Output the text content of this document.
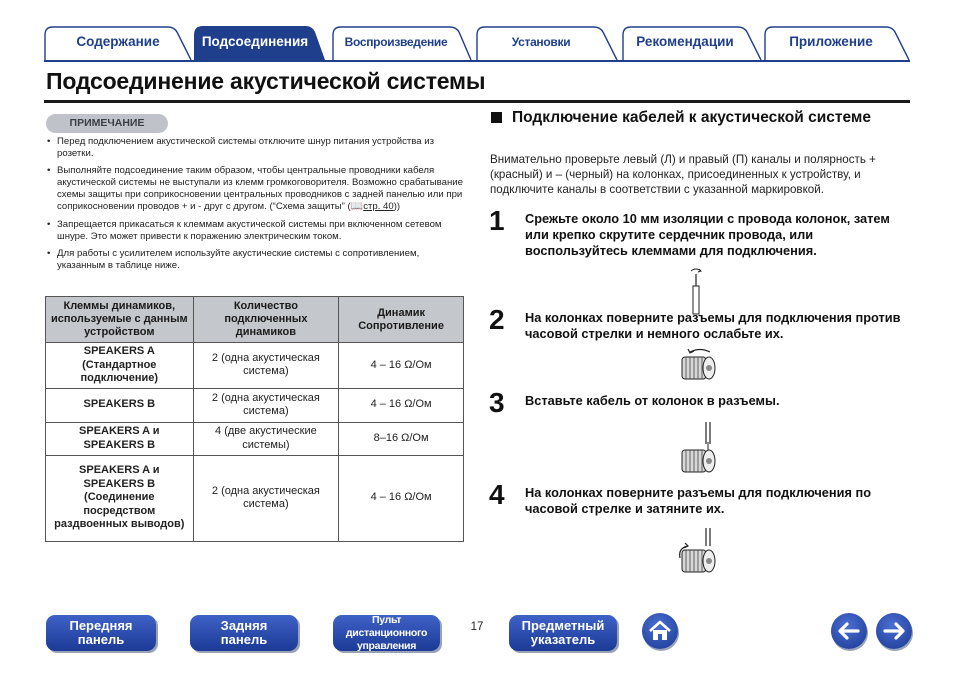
Содержание	Подсоединения	Воспроизведение	Установки	Рекомендации	Приложение
Подсоединение акустической системы
ПРИМЕЧАНИЕ
• Перед подключением акустической системы отключите шнур питания устройства из розетки.
• Выполняйте подсоединение таким образом, чтобы центральные проводники кабеля акустической системы не выступали из клемм громкоговорителя. Возможно срабатывание схемы защиты при соприкосновении центральных проводников с задней панелью или при соприкосновении проводов + и - друг с другом. (“Схема защиты” (📖стр. 40))
• Запрещается прикасаться к клеммам акустической системы при включенном сетевом шнуре. Это может привести к поражению электрическим током.
• Для работы с усилителем используйте акустические системы с сопротивлением, указанным в таблице ниже.
Клеммы динамиков, используемые с данным устройством	Количество подключенных динамиков	Динамик Сопротивление
SPEAKERS A (Стандартное подключение)	2 (одна акустическая система)	4 – 16 Ω/Ом
SPEAKERS B	2 (одна акустическая система)	4 – 16 Ω/Ом
SPEAKERS A и SPEAKERS B	4 (две акустические системы)	8–16 Ω/Ом
SPEAKERS A и SPEAKERS B (Соединение посредством раздвоенных выводов)	2 (одна акустическая система)	4 – 16 Ω/Ом
Подключение кабелей к акустической системе

Внимательно проверьте левый (Л) и правый (П) каналы и полярность + (красный) и – (черный) на колонках, присоединенных к устройству, и подключите каналы в соответствии с указанной маркировкой.

1 Срежьте около 10 мм изоляции с провода колонок, затем или крепко скрутите сердечник провода, или воспользуйтесь клеммами для подключения.
2 На колонках поверните разъемы для подключения против часовой стрелки и немного ослабьте их.
3 Вставьте кабель от колонок в разъемы.
4 На колонках поверните разъемы для подключения по часовой стрелке и затяните их.
Передняя
панель
Задняя
панель
Пульт дистанционного
управления
17	Предметный
указатель
